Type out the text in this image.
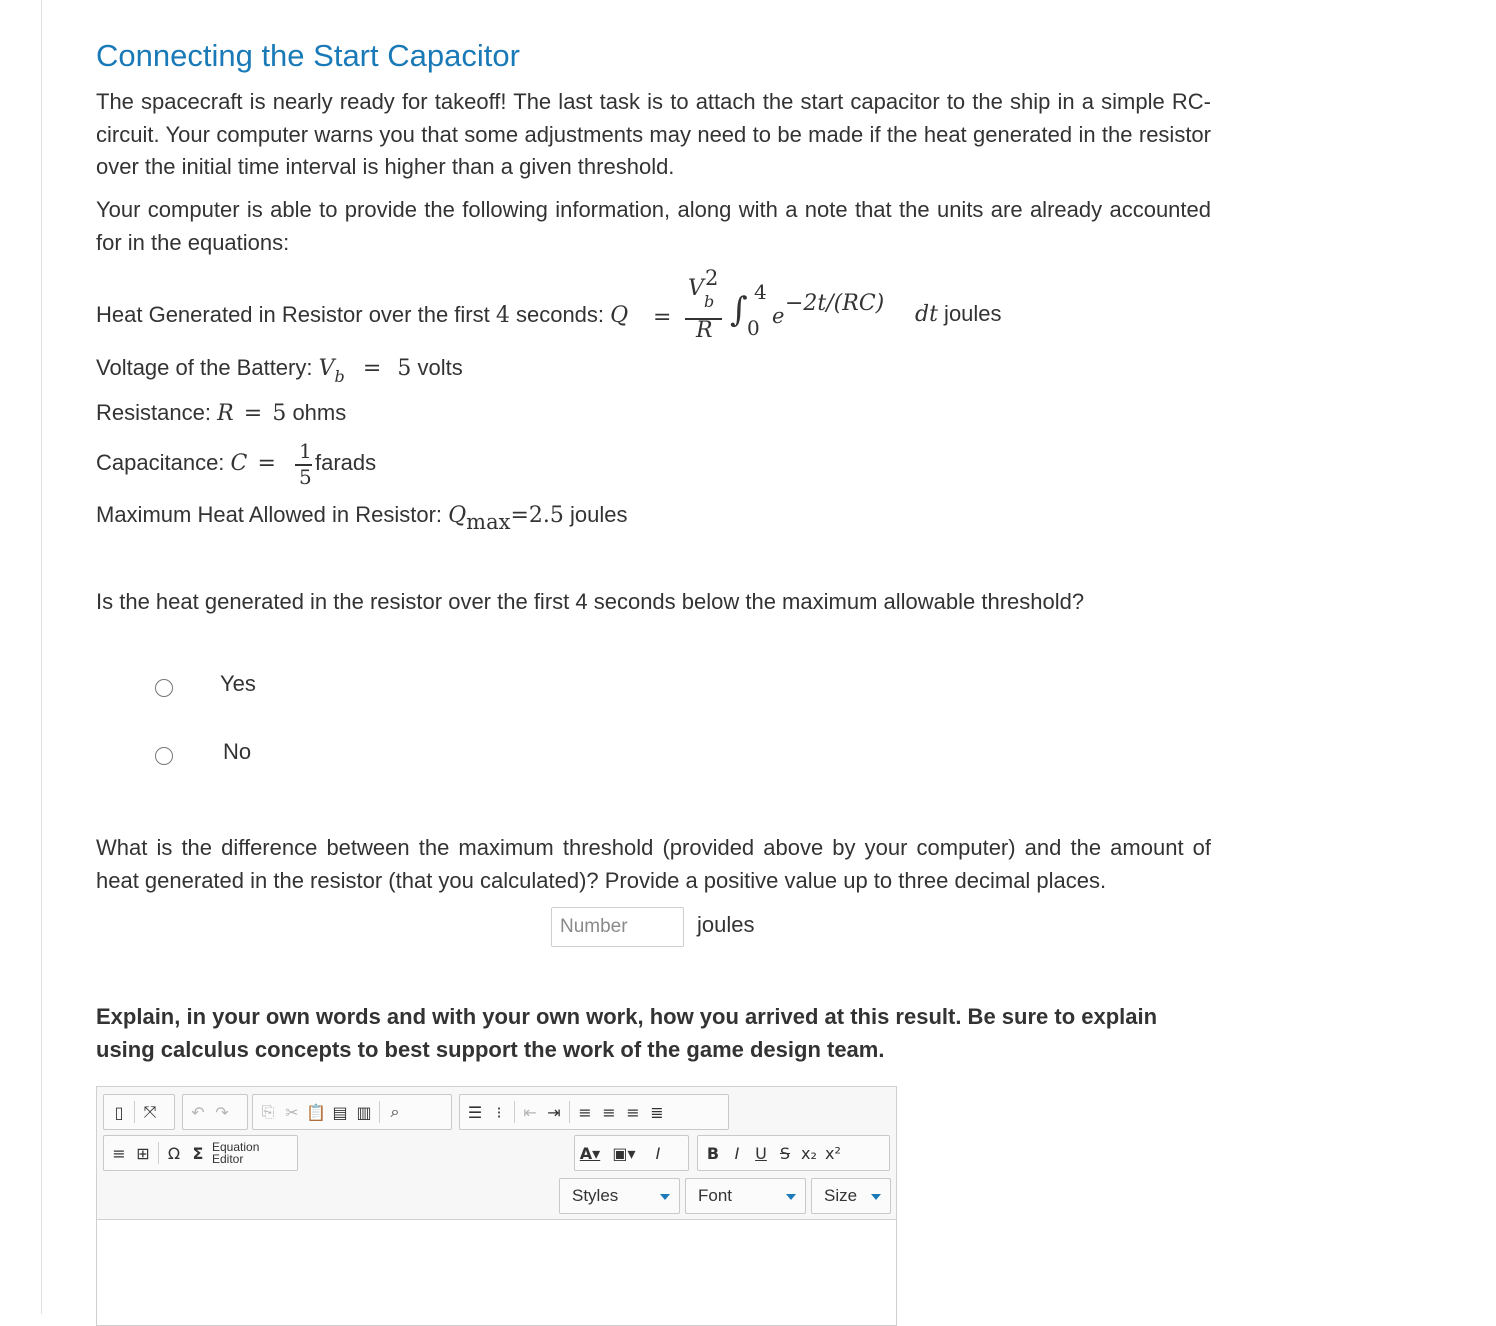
Connecting the Start Capacitor

The spacecraft is nearly ready for takeoff! The last task is to attach the start capacitor to the ship in a simple RC-circuit. Your computer warns you that some adjustments may need to be made if the heat generated in the resistor over the initial time interval is higher than a given threshold.

Your computer is able to provide the following information, along with a note that the units are already accounted for in the equations:

Heat Generated in Resistor over the first 4 seconds: Q =
V 2
b
R
∫ 4
0 e −2t/(RC) dt joules
Voltage of the Battery: $V_b = 5$ volts
Resistance: R = 5 ohms
Capacitance: C = 1
5
farads
Maximum Heat Allowed in Resistor: Qmax=2.5 joules

Is the heat generated in the resistor over the first 4 seconds below the maximum allowable threshold?

Yes
No

What is the difference between the maximum threshold (provided above by your computer) and the amount of heat generated in the resistor (that you calculated)? Provide a positive value up to three decimal places.

Number
joules

Explain, in your own words and with your own work, how you arrived at this result. Be sure to explain using calculus concepts to best support the work of the game design team.

▯	⤧	↶ ↷	⎘ ✂ 📋 ▤ ▥	⌕	☰ ⁝	⇤ ⇥	≡ ≡ ≡ ≣
≡ ⊞	Ω Σ Equation
Editor	A▾ ▣▾	I	B I U S x₂ x²
Styles	Font	Size
